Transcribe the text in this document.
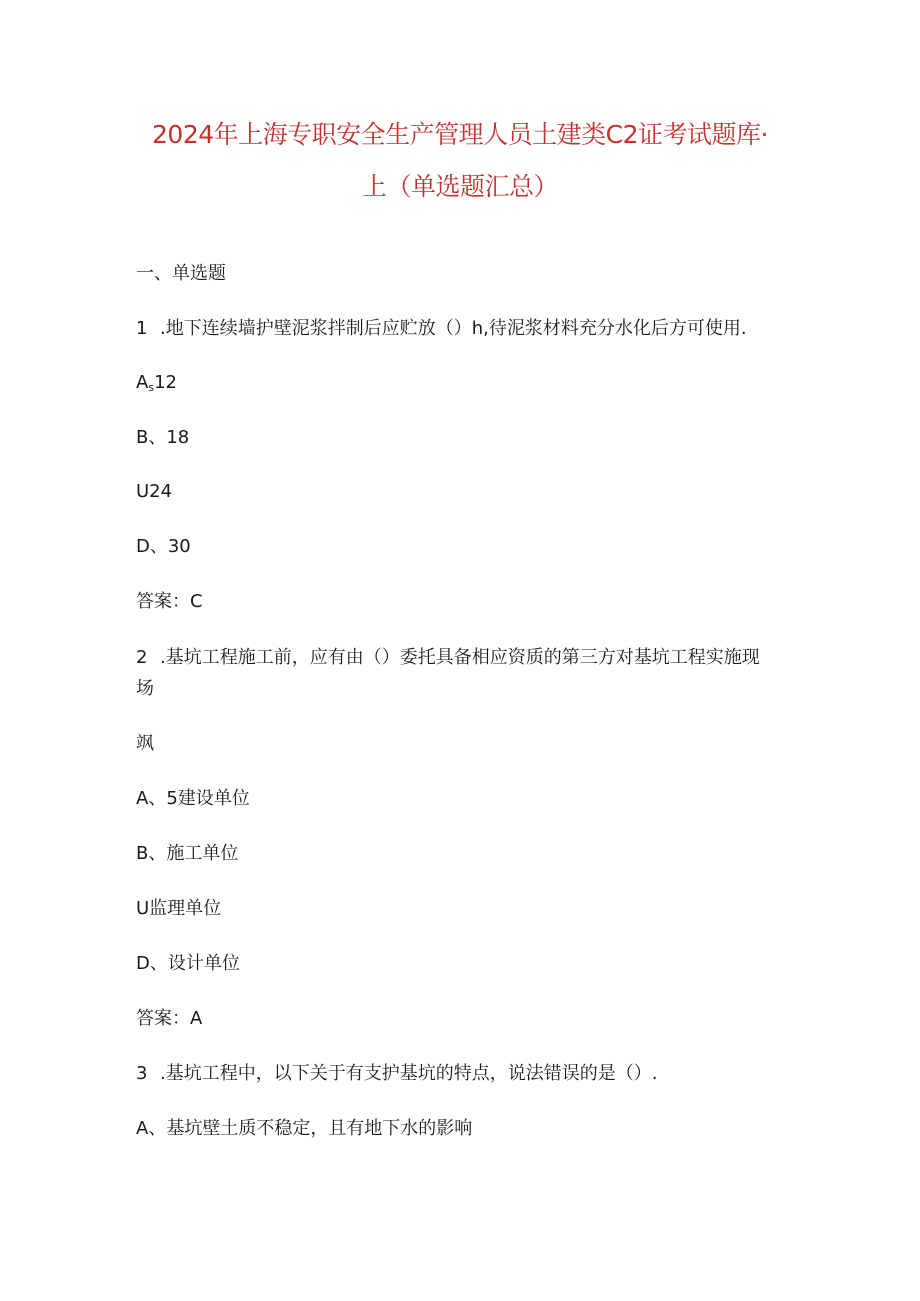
2024年上海专职安全生产管理人员土建类C2证考试题库·
上（单选题汇总）
一、单选题
1 .地下连续墙护壁泥浆拌制后应贮放（）h,待泥浆材料充分水化后方可使用.
As12
B、18
U24
D、30
答案：C
2 .基坑工程施工前，应有由（）委托具备相应资质的第三方对基坑工程实施现
场
飒
A、5建设单位
B、施工单位
U监理单位
D、设计单位
答案：A
3 .基坑工程中，以下关于有支护基坑的特点，说法错误的是（）.
A、基坑壁土质不稳定，且有地下水的影响
